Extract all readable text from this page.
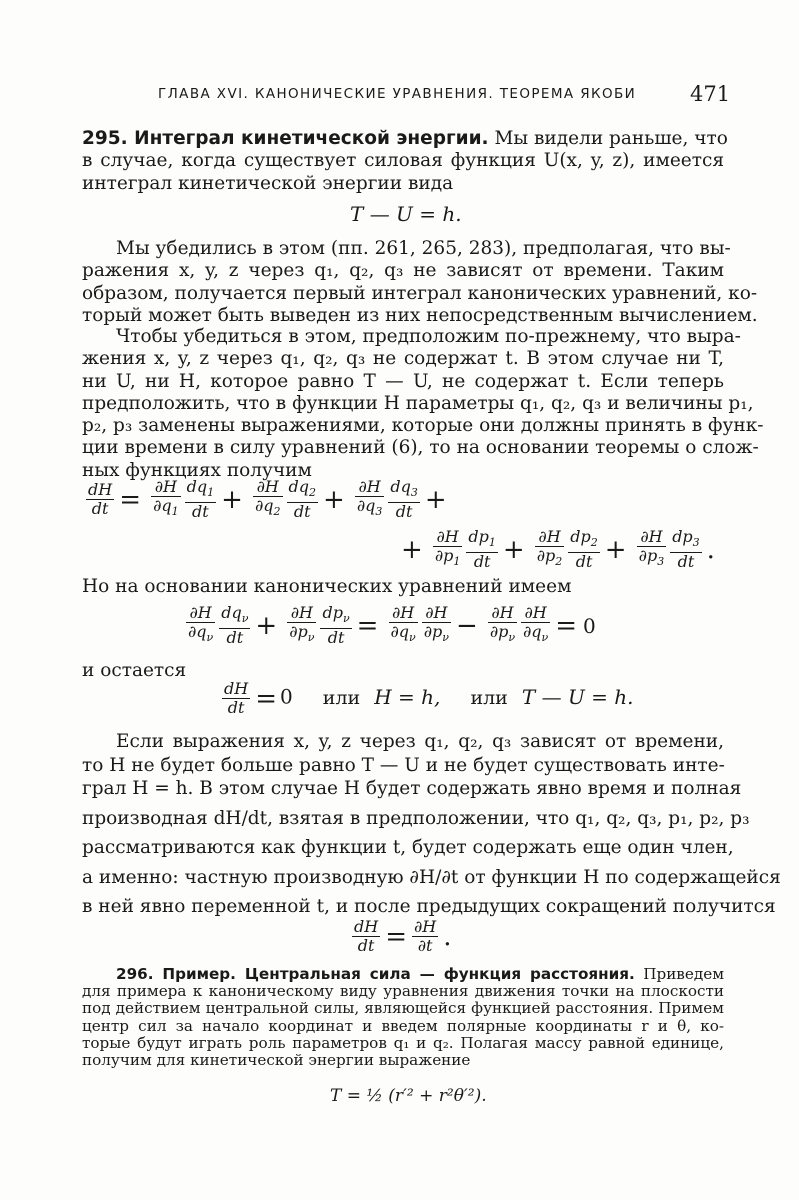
ГЛАВА XVI. КАНОНИЧЕСКИЕ УРАВНЕНИЯ. ТЕОРЕМА ЯКОБИ	471
295. Интеграл кинетической энергии. Мы видели раньше, что
в случае, когда существует силовая функция U(x, y, z), имеется
интеграл кинетической энергии вида
T — U = h.
Мы убедились в этом (пп. 261, 265, 283), предполагая, что вы-
ражения x, y, z через q₁, q₂, q₃ не зависят от времени. Таким
образом, получается первый интеграл канонических уравнений, ко-
торый может быть выведен из них непосредственным вычислением.
Чтобы убедиться в этом, предположим по-прежнему, что выра-
жения x, y, z через q₁, q₂, q₃ не содержат t. В этом случае ни T,
ни U, ни H, которое равно T — U, не содержат t. Если теперь
предположить, что в функции H параметры q₁, q₂, q₃ и величины p₁,
p₂, p₃ заменены выражениями, которые они должны принять в функ-
ции времени в силу уравнений (6), то на основании теоремы о слож-
ных функциях получим
$\frac{dH}{dt} = \frac{\partial H}{\partial q_1} \frac{dq_1}{dt} + \frac{\partial H}{\partial q_2} \frac{dq_2}{dt} + \frac{\partial H}{\partial q_3} \frac{dq_3}{dt}$ +
+ $\frac{\partial H}{\partial p_1} \frac{dp_1}{dt} + \frac{\partial H}{\partial p_2} \frac{dp_2}{dt} + \frac{\partial H}{\partial p_3} \frac{dp_3}{dt}$ .
Но на основании канонических уравнений имеем
$\frac{\partial H}{\partial q_\nu} \frac{dq_\nu}{dt} + \frac{\partial H}{\partial p_\nu} \frac{dp_\nu}{dt} = \frac{\partial H}{\partial q_\nu} \frac{\partial H}{\partial p_\nu} - \frac{\partial H}{\partial p_\nu} \frac{\partial H}{\partial q_\nu} = 0$
и остается
$\frac{dH}{dt} = 0$ или H = h, или T — U = h.
Если выражения x, y, z через q₁, q₂, q₃ зависят от времени,
то H не будет больше равно T — U и не будет существовать инте-
грал H = h. В этом случае H будет содержать явно время и полная
производная dH/dt, взятая в предположении, что q₁, q₂, q₃, p₁, p₂, p₃
рассматриваются как функции t, будет содержать еще один член,
а именно: частную производную ∂H/∂t от функции H по содержащейся
в ней явно переменной t, и после предыдущих сокращений получится
$\frac{dH}{dt} = \frac{\partial H}{\partial t}$ .
296. Пример. Центральная сила — функция расстояния. Приведем
для примера к каноническому виду уравнения движения точки на плоскости
под действием центральной силы, являющейся функцией расстояния. Примем
центр сил за начало координат и введем полярные координаты r и θ, ко-
торые будут играть роль параметров q₁ и q₂. Полагая массу равной единице,
получим для кинетической энергии выражение
T = ½ (r′² + r²θ′²).
